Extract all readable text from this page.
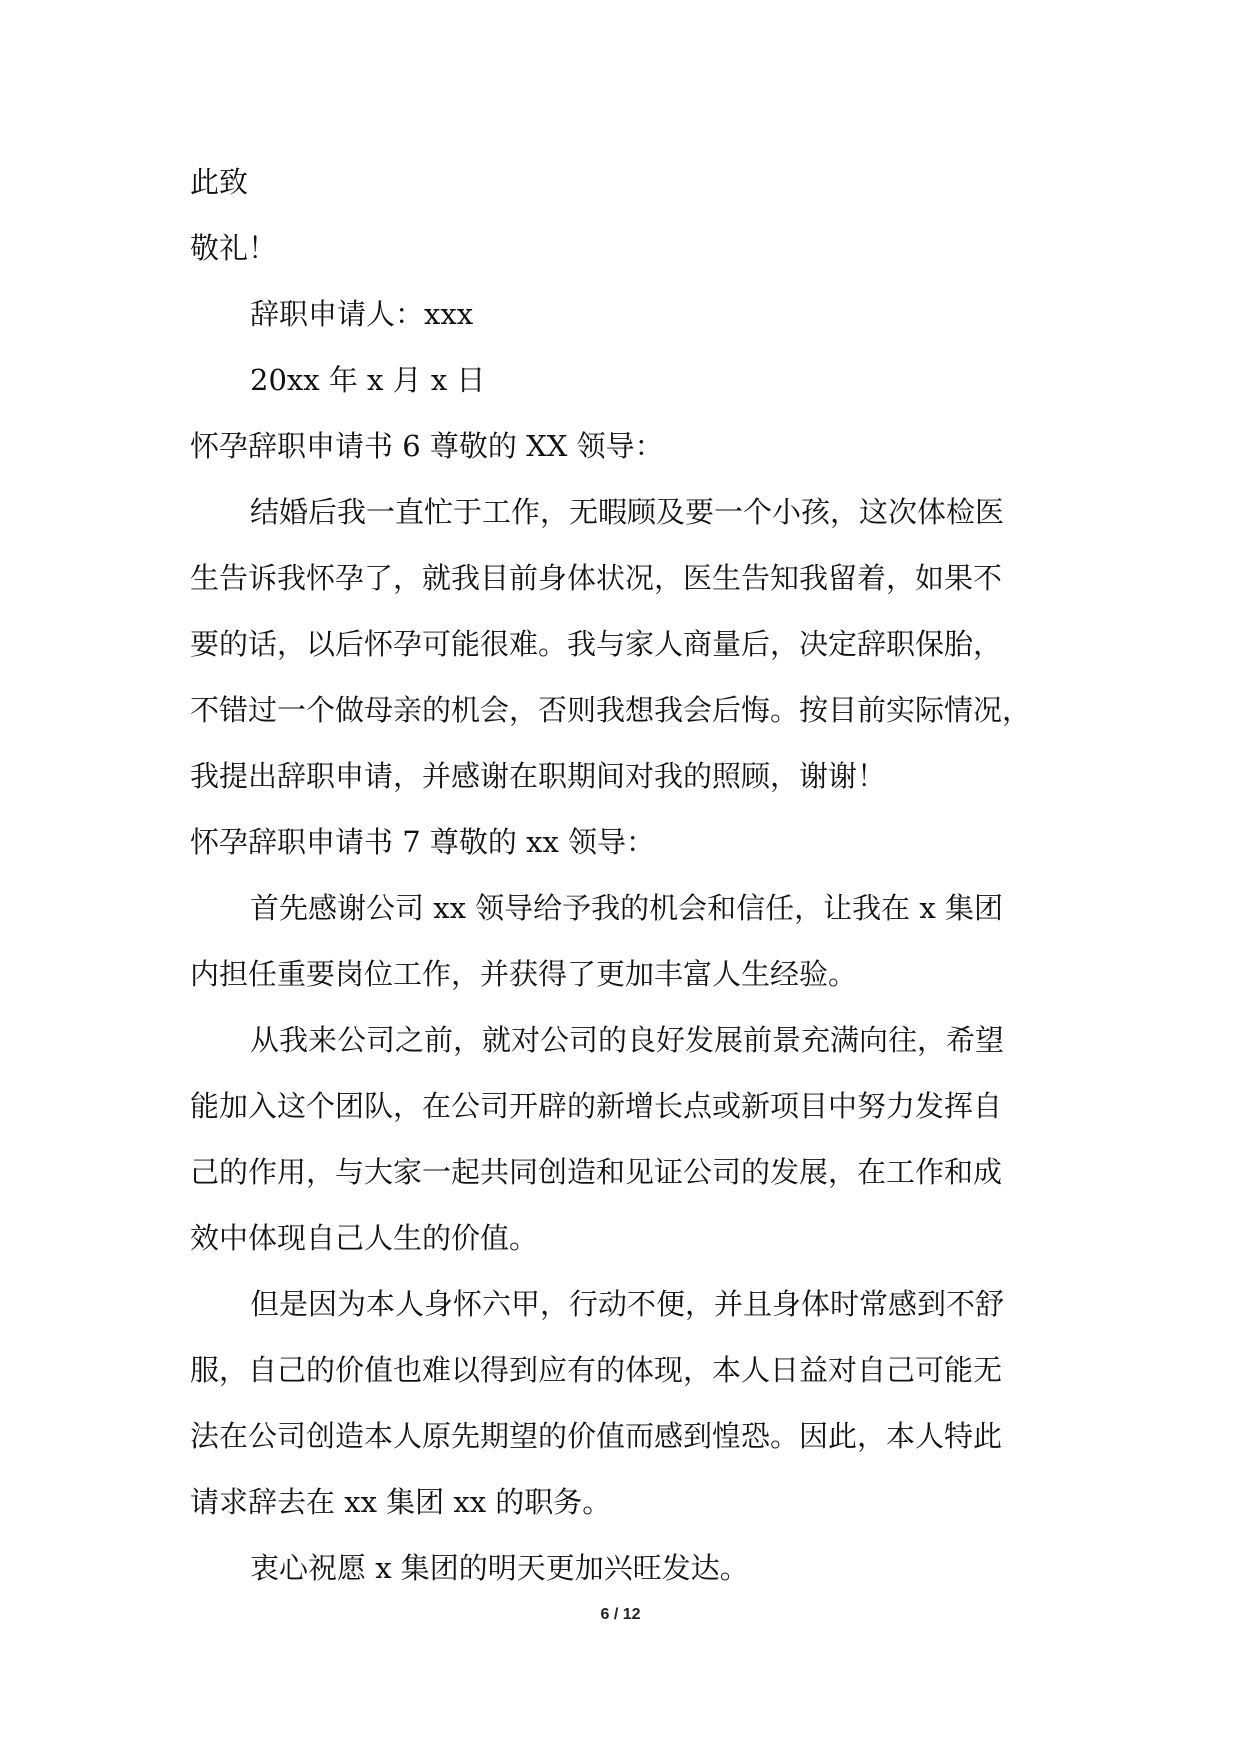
此致
敬礼！
辞职申请人：xxx
20xx 年 x 月 x 日
怀孕辞职申请书 6 尊敬的 XX 领导：
结婚后我一直忙于工作，无暇顾及要一个小孩，这次体检医
生告诉我怀孕了，就我目前身体状况，医生告知我留着，如果不
要的话，以后怀孕可能很难。我与家人商量后，决定辞职保胎，
不错过一个做母亲的机会，否则我想我会后悔。按目前实际情况，
我提出辞职申请，并感谢在职期间对我的照顾，谢谢！
怀孕辞职申请书 7 尊敬的 xx 领导：
首先感谢公司 xx 领导给予我的机会和信任，让我在 x 集团
内担任重要岗位工作，并获得了更加丰富人生经验。
从我来公司之前，就对公司的良好发展前景充满向往，希望
能加入这个团队，在公司开辟的新增长点或新项目中努力发挥自
己的作用，与大家一起共同创造和见证公司的发展，在工作和成
效中体现自己人生的价值。
但是因为本人身怀六甲，行动不便，并且身体时常感到不舒
服，自己的价值也难以得到应有的体现，本人日益对自己可能无
法在公司创造本人原先期望的价值而感到惶恐。因此，本人特此
请求辞去在 xx 集团 xx 的职务。
衷心祝愿 x 集团的明天更加兴旺发达。
6 / 12
